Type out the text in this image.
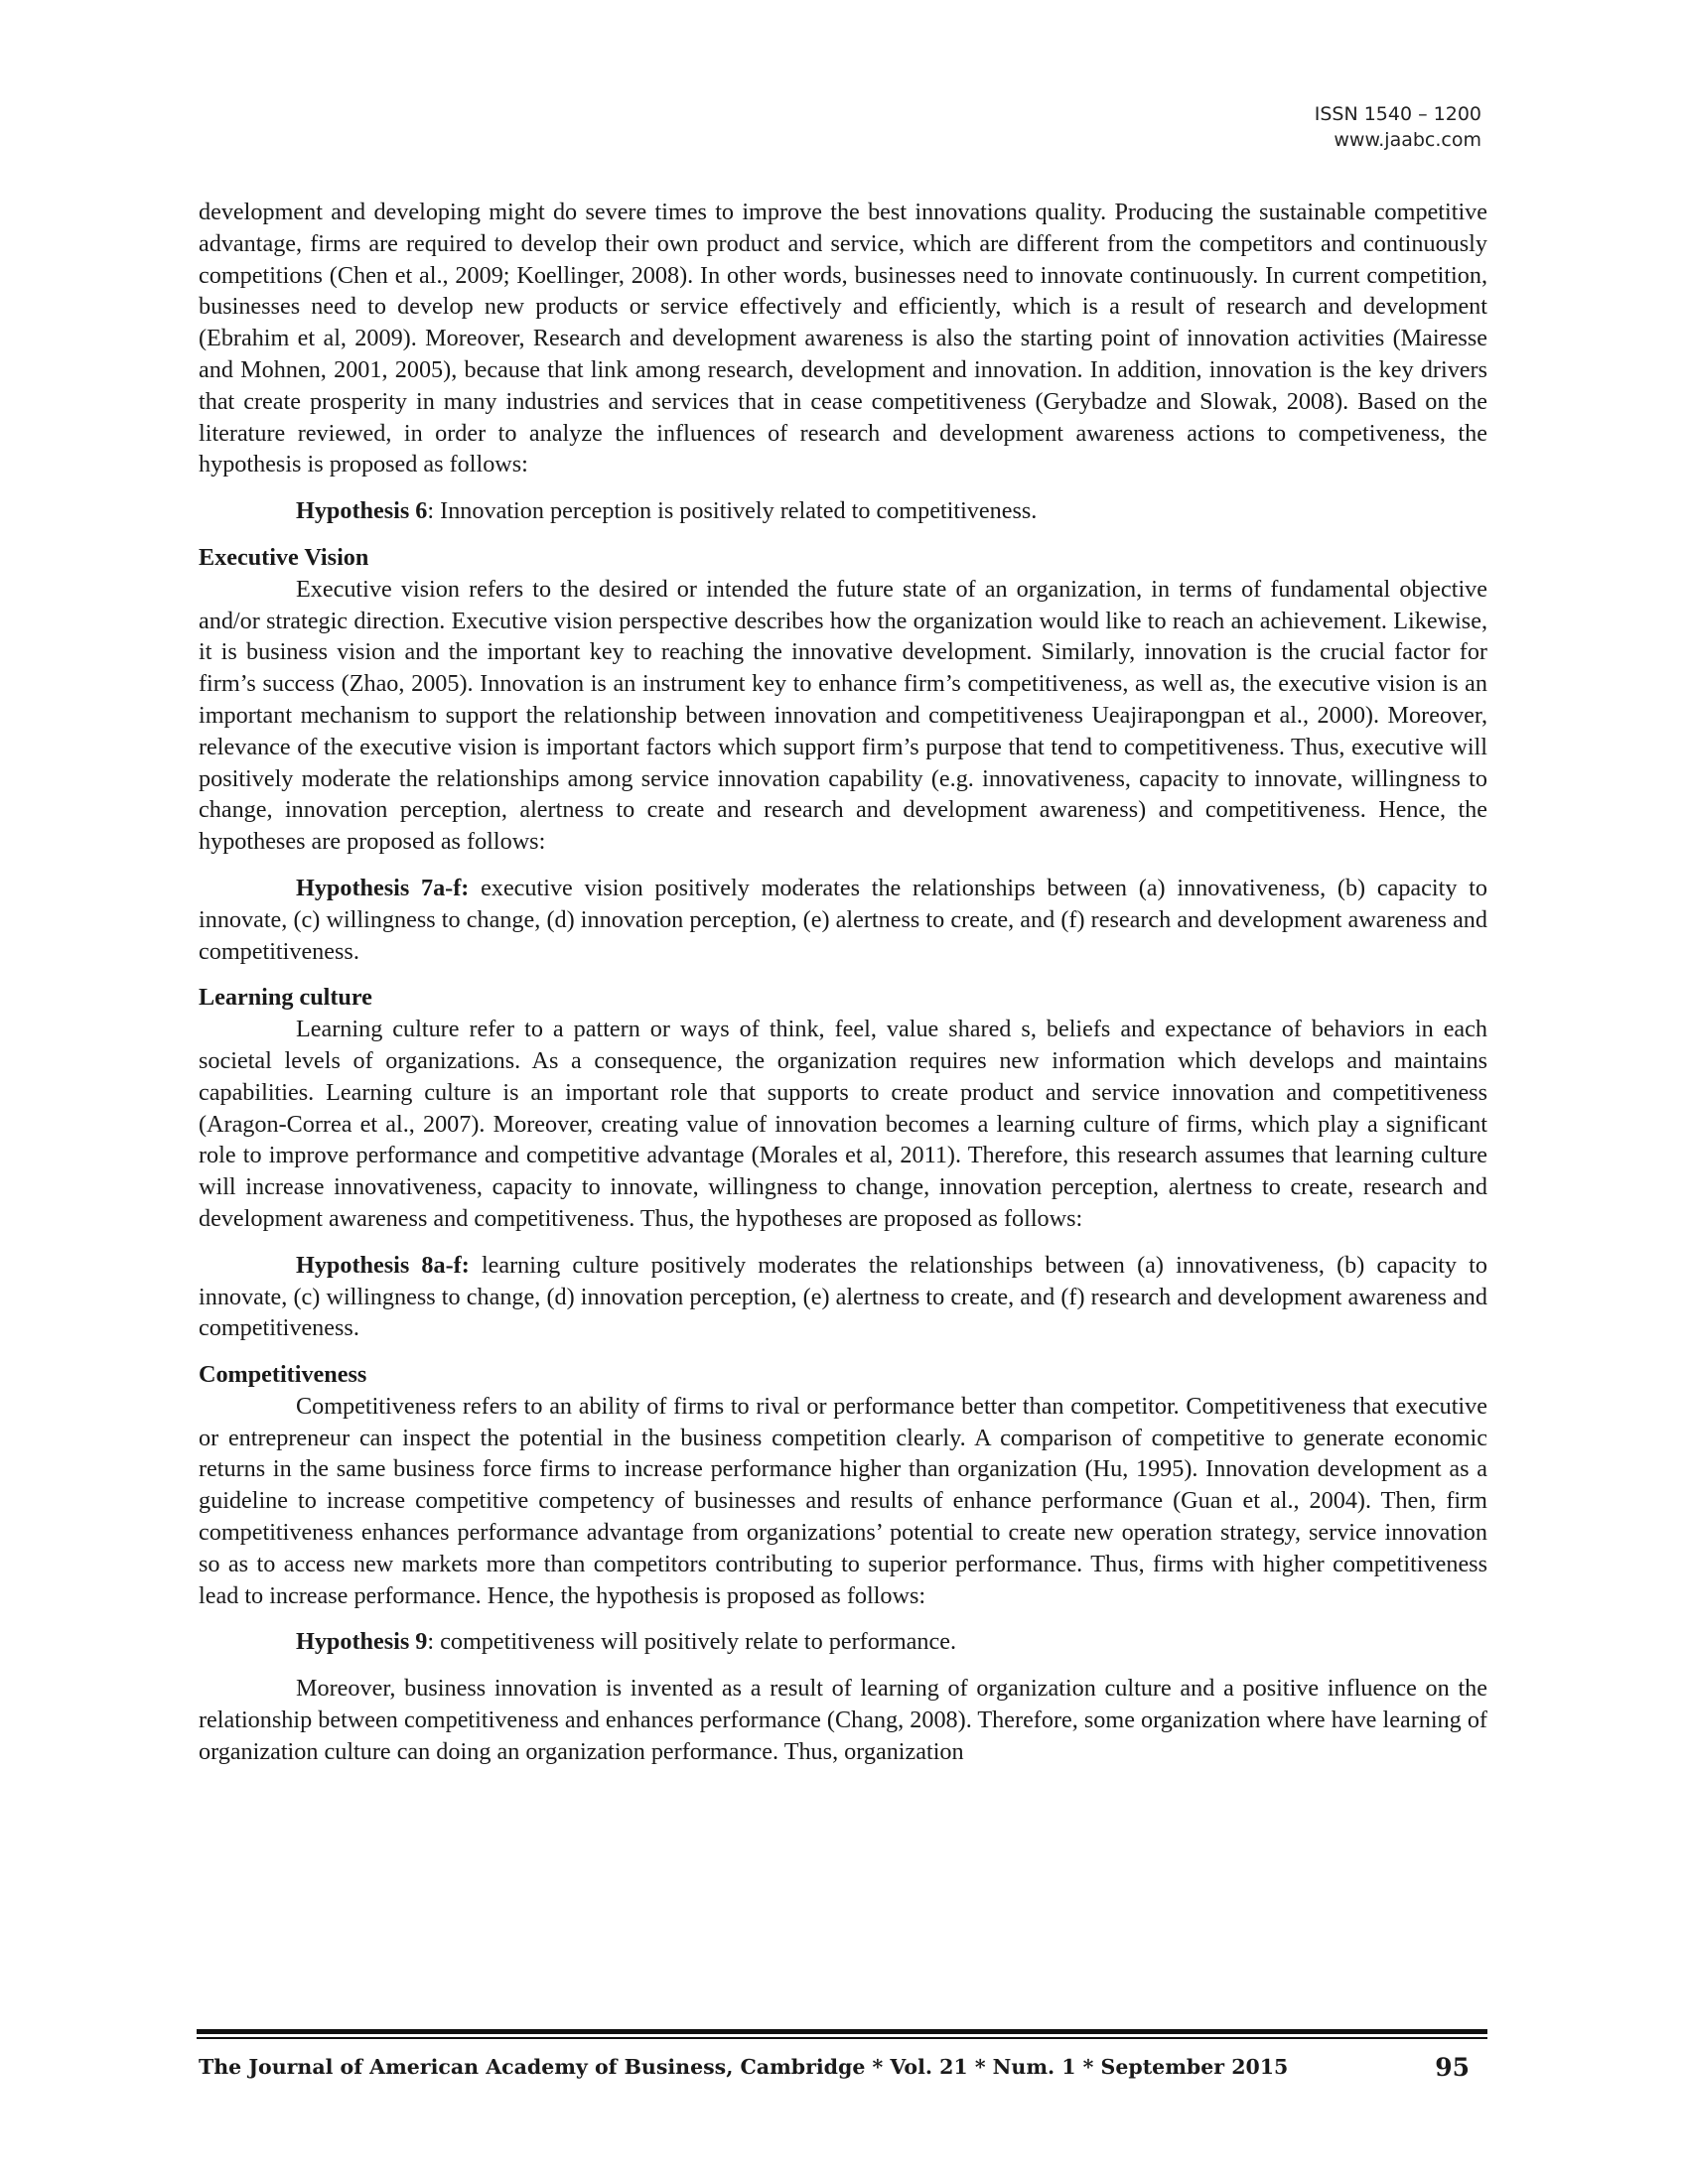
ISSN 1540 – 1200
www.jaabc.com

development and developing might do severe times to improve the best innovations quality. Producing the sustainable competitive advantage, firms are required to develop their own product and service, which are different from the competitors and continuously competitions (Chen et al., 2009; Koellinger, 2008). In other words, businesses need to innovate continuously. In current competition, businesses need to develop new products or service effectively and efficiently, which is a result of research and development (Ebrahim et al, 2009). Moreover, Research and development awareness is also the starting point of innovation activities (Mairesse and Mohnen, 2001, 2005), because that link among research, development and innovation. In addition, innovation is the key drivers that create prosperity in many industries and services that in cease competitiveness (Gerybadze and Slowak, 2008). Based on the literature reviewed, in order to analyze the influences of research and development awareness actions to competiveness, the hypothesis is proposed as follows:

Hypothesis 6: Innovation perception is positively related to competitiveness.

Executive Vision

Executive vision refers to the desired or intended the future state of an organization, in terms of fundamental objective and/or strategic direction. Executive vision perspective describes how the organization would like to reach an achievement. Likewise, it is business vision and the important key to reaching the innovative development. Similarly, innovation is the crucial factor for firm’s success (Zhao, 2005). Innovation is an instrument key to enhance firm’s competitiveness, as well as, the executive vision is an important mechanism to support the relationship between innovation and competitiveness Ueajirapongpan et al., 2000). Moreover, relevance of the executive vision is important factors which support firm’s purpose that tend to competitiveness. Thus, executive will positively moderate the relationships among service innovation capability (e.g. innovativeness, capacity to innovate, willingness to change, innovation perception, alertness to create and research and development awareness) and competitiveness. Hence, the hypotheses are proposed as follows:

Hypothesis 7a-f: executive vision positively moderates the relationships between (a) innovativeness, (b) capacity to innovate, (c) willingness to change, (d) innovation perception, (e) alertness to create, and (f) research and development awareness and competitiveness.

Learning culture

Learning culture refer to a pattern or ways of think, feel, value shared s, beliefs and expectance of behaviors in each societal levels of organizations. As a consequence, the organization requires new information which develops and maintains capabilities. Learning culture is an important role that supports to create product and service innovation and competitiveness (Aragon-Correa et al., 2007). Moreover, creating value of innovation becomes a learning culture of firms, which play a significant role to improve performance and competitive advantage (Morales et al, 2011). Therefore, this research assumes that learning culture will increase innovativeness, capacity to innovate, willingness to change, innovation perception, alertness to create, research and development awareness and competitiveness. Thus, the hypotheses are proposed as follows:

Hypothesis 8a-f: learning culture positively moderates the relationships between (a) innovativeness, (b) capacity to innovate, (c) willingness to change, (d) innovation perception, (e) alertness to create, and (f) research and development awareness and competitiveness.

Competitiveness

Competitiveness refers to an ability of firms to rival or performance better than competitor. Competitiveness that executive or entrepreneur can inspect the potential in the business competition clearly. A comparison of competitive to generate economic returns in the same business force firms to increase performance higher than organization (Hu, 1995). Innovation development as a guideline to increase competitive competency of businesses and results of enhance performance (Guan et al., 2004). Then, firm competitiveness enhances performance advantage from organizations’ potential to create new operation strategy, service innovation so as to access new markets more than competitors contributing to superior performance. Thus, firms with higher competitiveness lead to increase performance. Hence, the hypothesis is proposed as follows:

Hypothesis 9: competitiveness will positively relate to performance.

Moreover, business innovation is invented as a result of learning of organization culture and a positive influence on the relationship between competitiveness and enhances performance (Chang, 2008). Therefore, some organization where have learning of organization culture can doing an organization performance. Thus, organization

The Journal of American Academy of Business, Cambridge * Vol. 21 * Num. 1 * September 2015	95
